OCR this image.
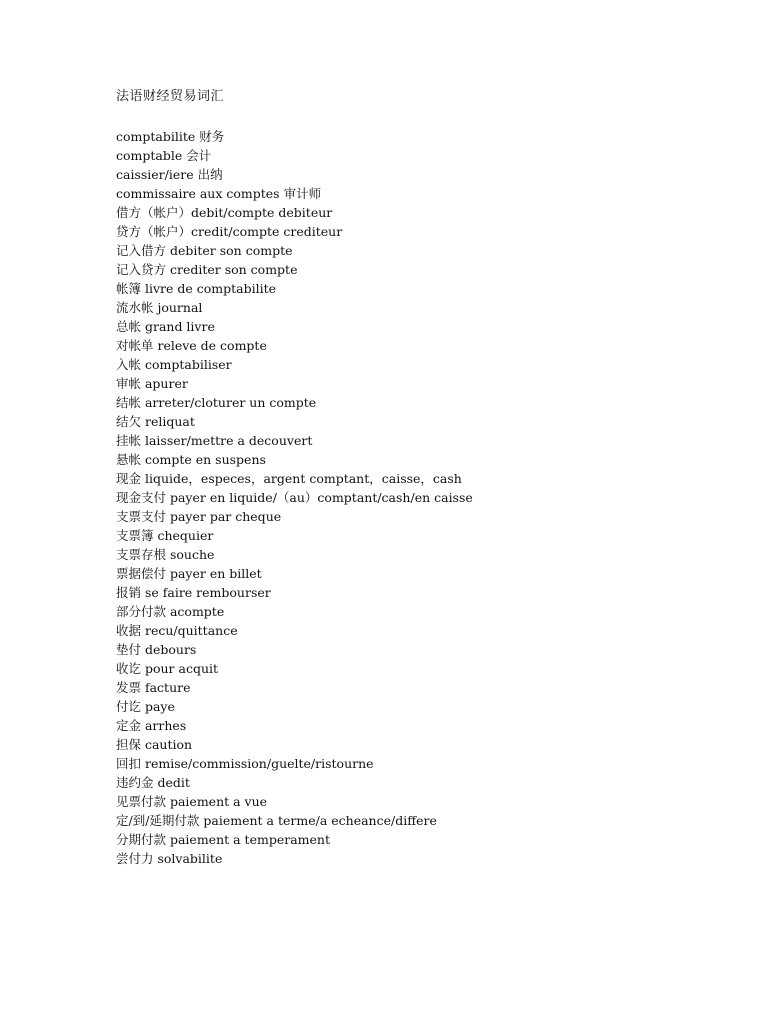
法语财经贸易词汇
comptabilite 财务
comptable 会计
caissier/iere 出纳
commissaire aux comptes 审计师
借方（帐户）debit/compte debiteur
贷方（帐户）credit/compte crediteur
记入借方 debiter son compte
记入贷方 crediter son compte
帐簿 livre de comptabilite
流水帐 journal
总帐 grand livre
对帐单 releve de compte
入帐 comptabiliser
审帐 apurer
结帐 arreter/cloturer un compte
结欠 reliquat
挂帐 laisser/mettre a decouvert
悬帐 compte en suspens
现金 liquide，especes，argent comptant，caisse，cash
现金支付 payer en liquide/（au）comptant/cash/en caisse
支票支付 payer par cheque
支票簿 chequier
支票存根 souche
票据偿付 payer en billet
报销 se faire rembourser
部分付款 acompte
收据 recu/quittance
垫付 debours
收讫 pour acquit
发票 facture
付讫 paye
定金 arrhes
担保 caution
回扣 remise/commission/guelte/ristourne
违约金 dedit
见票付款 paiement a vue
定/到/延期付款 paiement a terme/a echeance/differe
分期付款 paiement a temperament
尝付力 solvabilite
